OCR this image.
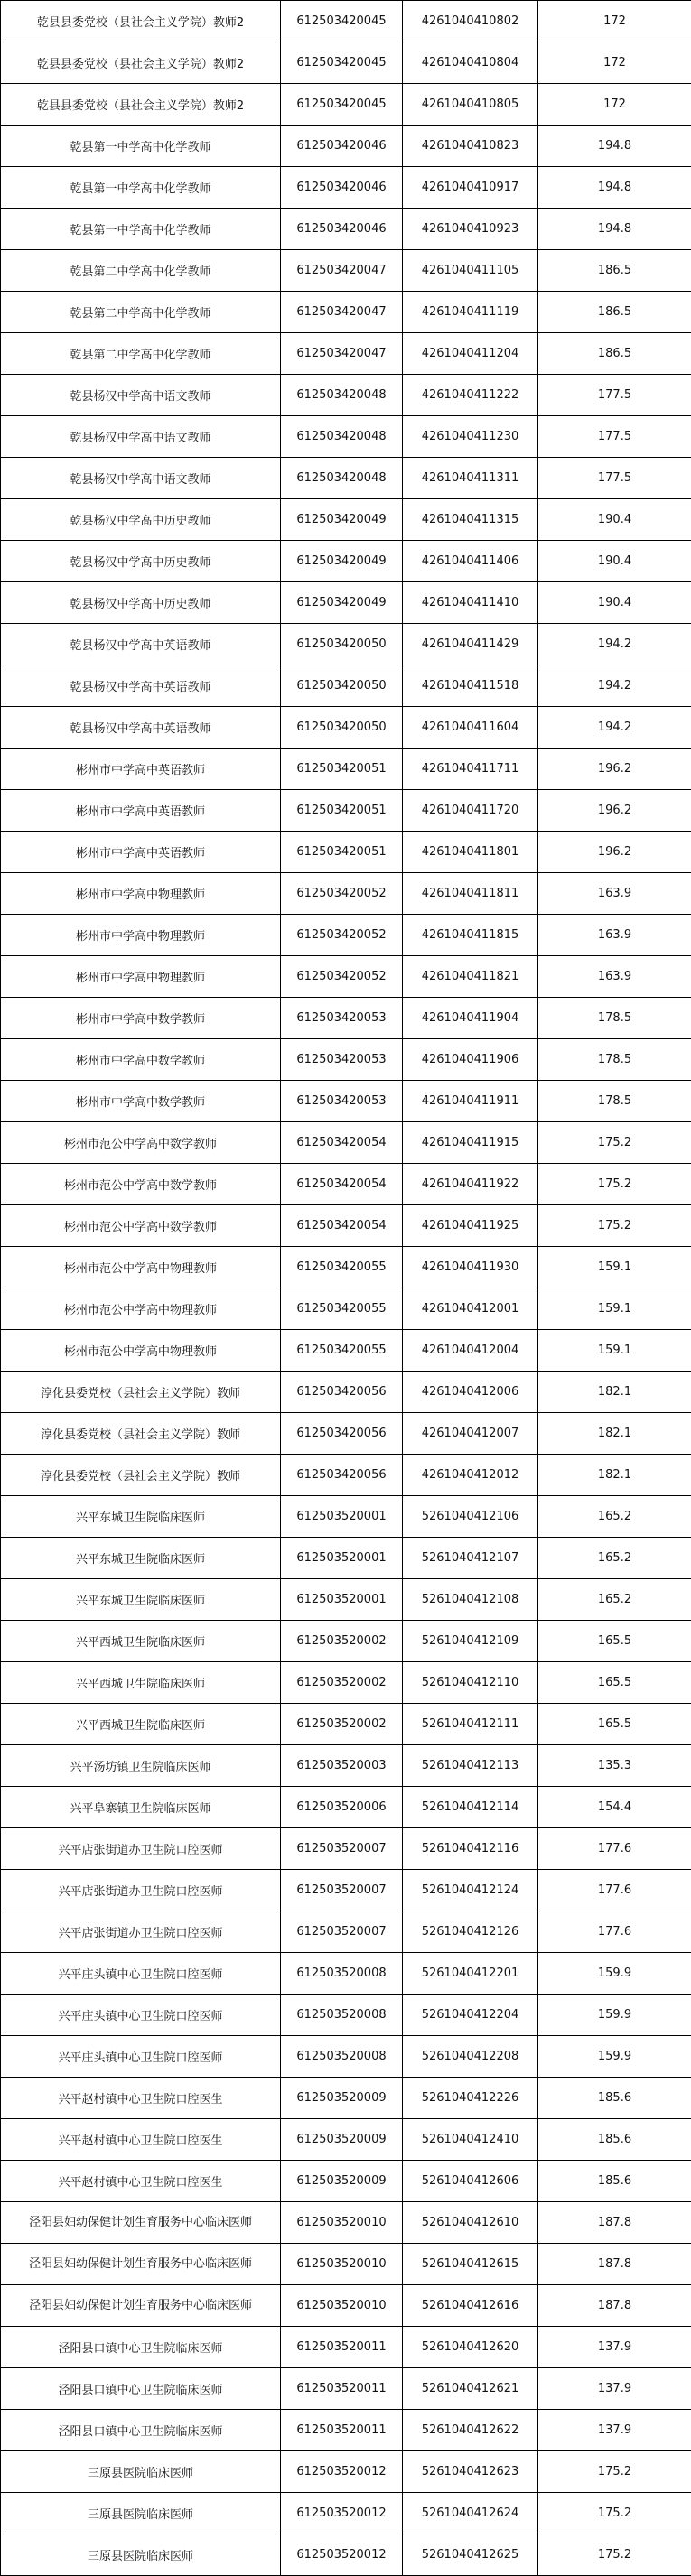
乾县县委党校（县社会主义学院）教师2	612503420045	4261040410802	172
乾县县委党校（县社会主义学院）教师2	612503420045	4261040410804	172
乾县县委党校（县社会主义学院）教师2	612503420045	4261040410805	172
乾县第一中学高中化学教师	612503420046	4261040410823	194.8
乾县第一中学高中化学教师	612503420046	4261040410917	194.8
乾县第一中学高中化学教师	612503420046	4261040410923	194.8
乾县第二中学高中化学教师	612503420047	4261040411105	186.5
乾县第二中学高中化学教师	612503420047	4261040411119	186.5
乾县第二中学高中化学教师	612503420047	4261040411204	186.5
乾县杨汉中学高中语文教师	612503420048	4261040411222	177.5
乾县杨汉中学高中语文教师	612503420048	4261040411230	177.5
乾县杨汉中学高中语文教师	612503420048	4261040411311	177.5
乾县杨汉中学高中历史教师	612503420049	4261040411315	190.4
乾县杨汉中学高中历史教师	612503420049	4261040411406	190.4
乾县杨汉中学高中历史教师	612503420049	4261040411410	190.4
乾县杨汉中学高中英语教师	612503420050	4261040411429	194.2
乾县杨汉中学高中英语教师	612503420050	4261040411518	194.2
乾县杨汉中学高中英语教师	612503420050	4261040411604	194.2
彬州市中学高中英语教师	612503420051	4261040411711	196.2
彬州市中学高中英语教师	612503420051	4261040411720	196.2
彬州市中学高中英语教师	612503420051	4261040411801	196.2
彬州市中学高中物理教师	612503420052	4261040411811	163.9
彬州市中学高中物理教师	612503420052	4261040411815	163.9
彬州市中学高中物理教师	612503420052	4261040411821	163.9
彬州市中学高中数学教师	612503420053	4261040411904	178.5
彬州市中学高中数学教师	612503420053	4261040411906	178.5
彬州市中学高中数学教师	612503420053	4261040411911	178.5
彬州市范公中学高中数学教师	612503420054	4261040411915	175.2
彬州市范公中学高中数学教师	612503420054	4261040411922	175.2
彬州市范公中学高中数学教师	612503420054	4261040411925	175.2
彬州市范公中学高中物理教师	612503420055	4261040411930	159.1
彬州市范公中学高中物理教师	612503420055	4261040412001	159.1
彬州市范公中学高中物理教师	612503420055	4261040412004	159.1
淳化县委党校（县社会主义学院）教师	612503420056	4261040412006	182.1
淳化县委党校（县社会主义学院）教师	612503420056	4261040412007	182.1
淳化县委党校（县社会主义学院）教师	612503420056	4261040412012	182.1
兴平东城卫生院临床医师	612503520001	5261040412106	165.2
兴平东城卫生院临床医师	612503520001	5261040412107	165.2
兴平东城卫生院临床医师	612503520001	5261040412108	165.2
兴平西城卫生院临床医师	612503520002	5261040412109	165.5
兴平西城卫生院临床医师	612503520002	5261040412110	165.5
兴平西城卫生院临床医师	612503520002	5261040412111	165.5
兴平汤坊镇卫生院临床医师	612503520003	5261040412113	135.3
兴平阜寨镇卫生院临床医师	612503520006	5261040412114	154.4
兴平店张街道办卫生院口腔医师	612503520007	5261040412116	177.6
兴平店张街道办卫生院口腔医师	612503520007	5261040412124	177.6
兴平店张街道办卫生院口腔医师	612503520007	5261040412126	177.6
兴平庄头镇中心卫生院口腔医师	612503520008	5261040412201	159.9
兴平庄头镇中心卫生院口腔医师	612503520008	5261040412204	159.9
兴平庄头镇中心卫生院口腔医师	612503520008	5261040412208	159.9
兴平赵村镇中心卫生院口腔医生	612503520009	5261040412226	185.6
兴平赵村镇中心卫生院口腔医生	612503520009	5261040412410	185.6
兴平赵村镇中心卫生院口腔医生	612503520009	5261040412606	185.6
泾阳县妇幼保健计划生育服务中心临床医师	612503520010	5261040412610	187.8
泾阳县妇幼保健计划生育服务中心临床医师	612503520010	5261040412615	187.8
泾阳县妇幼保健计划生育服务中心临床医师	612503520010	5261040412616	187.8
泾阳县口镇中心卫生院临床医师	612503520011	5261040412620	137.9
泾阳县口镇中心卫生院临床医师	612503520011	5261040412621	137.9
泾阳县口镇中心卫生院临床医师	612503520011	5261040412622	137.9
三原县医院临床医师	612503520012	5261040412623	175.2
三原县医院临床医师	612503520012	5261040412624	175.2
三原县医院临床医师	612503520012	5261040412625	175.2
